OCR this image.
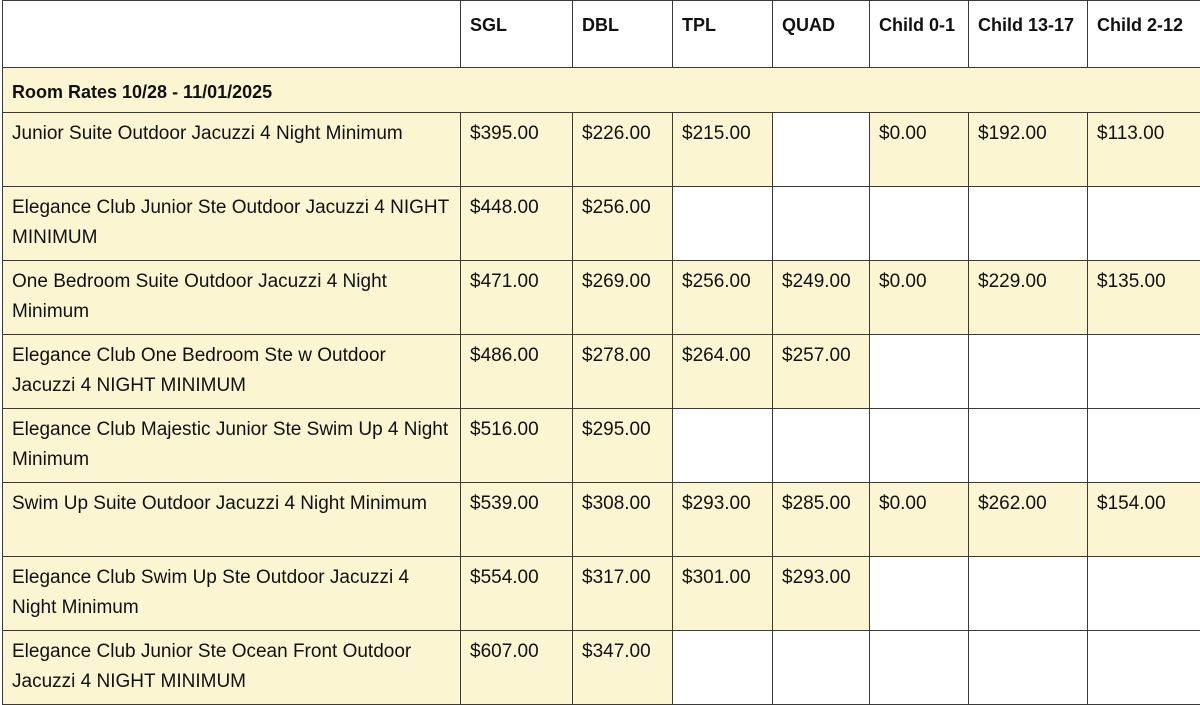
	SGL	DBL	TPL	QUAD	Child 0-1	Child 13-17	Child 2-12
Room Rates 10/28 - 11/01/2025							
Junior Suite Outdoor Jacuzzi 4 Night Minimum	$395.00	$226.00	$215.00		$0.00	$192.00	$113.00
Elegance Club Junior Ste Outdoor Jacuzzi 4 NIGHT MINIMUM	$448.00	$256.00					
One Bedroom Suite Outdoor Jacuzzi 4 Night Minimum	$471.00	$269.00	$256.00	$249.00	$0.00	$229.00	$135.00
Elegance Club One Bedroom Ste w Outdoor Jacuzzi 4 NIGHT MINIMUM	$486.00	$278.00	$264.00	$257.00			
Elegance Club Majestic Junior Ste Swim Up 4 Night Minimum	$516.00	$295.00					
Swim Up Suite Outdoor Jacuzzi 4 Night Minimum	$539.00	$308.00	$293.00	$285.00	$0.00	$262.00	$154.00
Elegance Club Swim Up Ste Outdoor Jacuzzi 4 Night Minimum	$554.00	$317.00	$301.00	$293.00			
Elegance Club Junior Ste Ocean Front Outdoor Jacuzzi 4 NIGHT MINIMUM	$607.00	$347.00					
